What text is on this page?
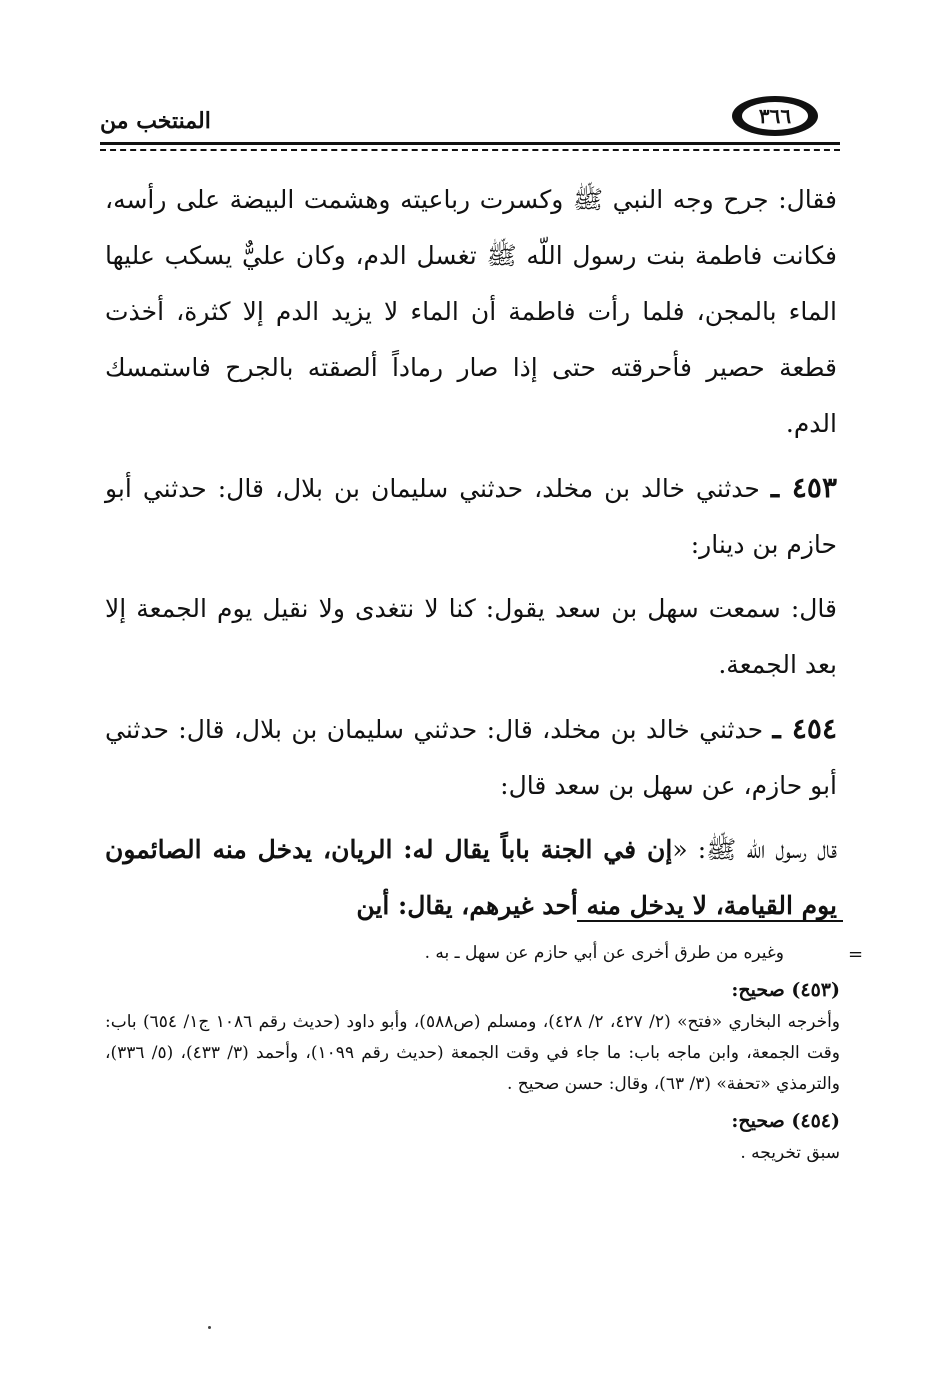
المنتخب من	٣٦٦

فقال: جرح وجه النبي ﷺ وكسرت رباعيته وهشمت البيضة على رأسه، فكانت فاطمة بنت رسول اللّه ﷺ تغسل الدم، وكان عليٌّ يسكب عليها الماء بالمجن، فلما رأت فاطمة أن الماء لا يزيد الدم إلا كثرة، أخذت قطعة حصير فأحرقته حتى إذا صار رماداً ألصقته بالجرح فاستمسك الدم.

٤٥٣ ـ حدثني خالد بن مخلد، حدثني سليمان بن بلال، قال: حدثني أبو حازم بن دينار:

قال: سمعت سهل بن سعد يقول: كنا لا نتغدى ولا نقيل يوم الجمعة إلا بعد الجمعة.

٤٥٤ ـ حدثني خالد بن مخلد، قال: حدثني سليمان بن بلال، قال: حدثني أبو حازم، عن سهل بن سعد قال:

قال رسول اللّه ﷺ: «إن في الجنة باباً يقال له: الريان، يدخل منه الصائمون يوم القيامة، لا يدخل منه أحد غيرهم، يقال: أين

=

وغيره من طرق أخرى عن أبي حازم عن سهل ـ به .

(٤٥٣) صحيح:

وأخرجه البخاري «فتح» (٢/ ٤٢٧، ٢/ ٤٢٨)، ومسلم (ص٥٨٨)، وأبو داود (حديث رقم ١٠٨٦ ج١/ ٦٥٤) باب: وقت الجمعة، وابن ماجه باب: ما جاء في وقت الجمعة (حديث رقم ١٠٩٩)، وأحمد (٣/ ٤٣٣)، (٥/ ٣٣٦)، والترمذي «تحفة» (٣/ ٦٣)، وقال: حسن صحيح .

(٤٥٤) صحيح:

سبق تخريجه .
